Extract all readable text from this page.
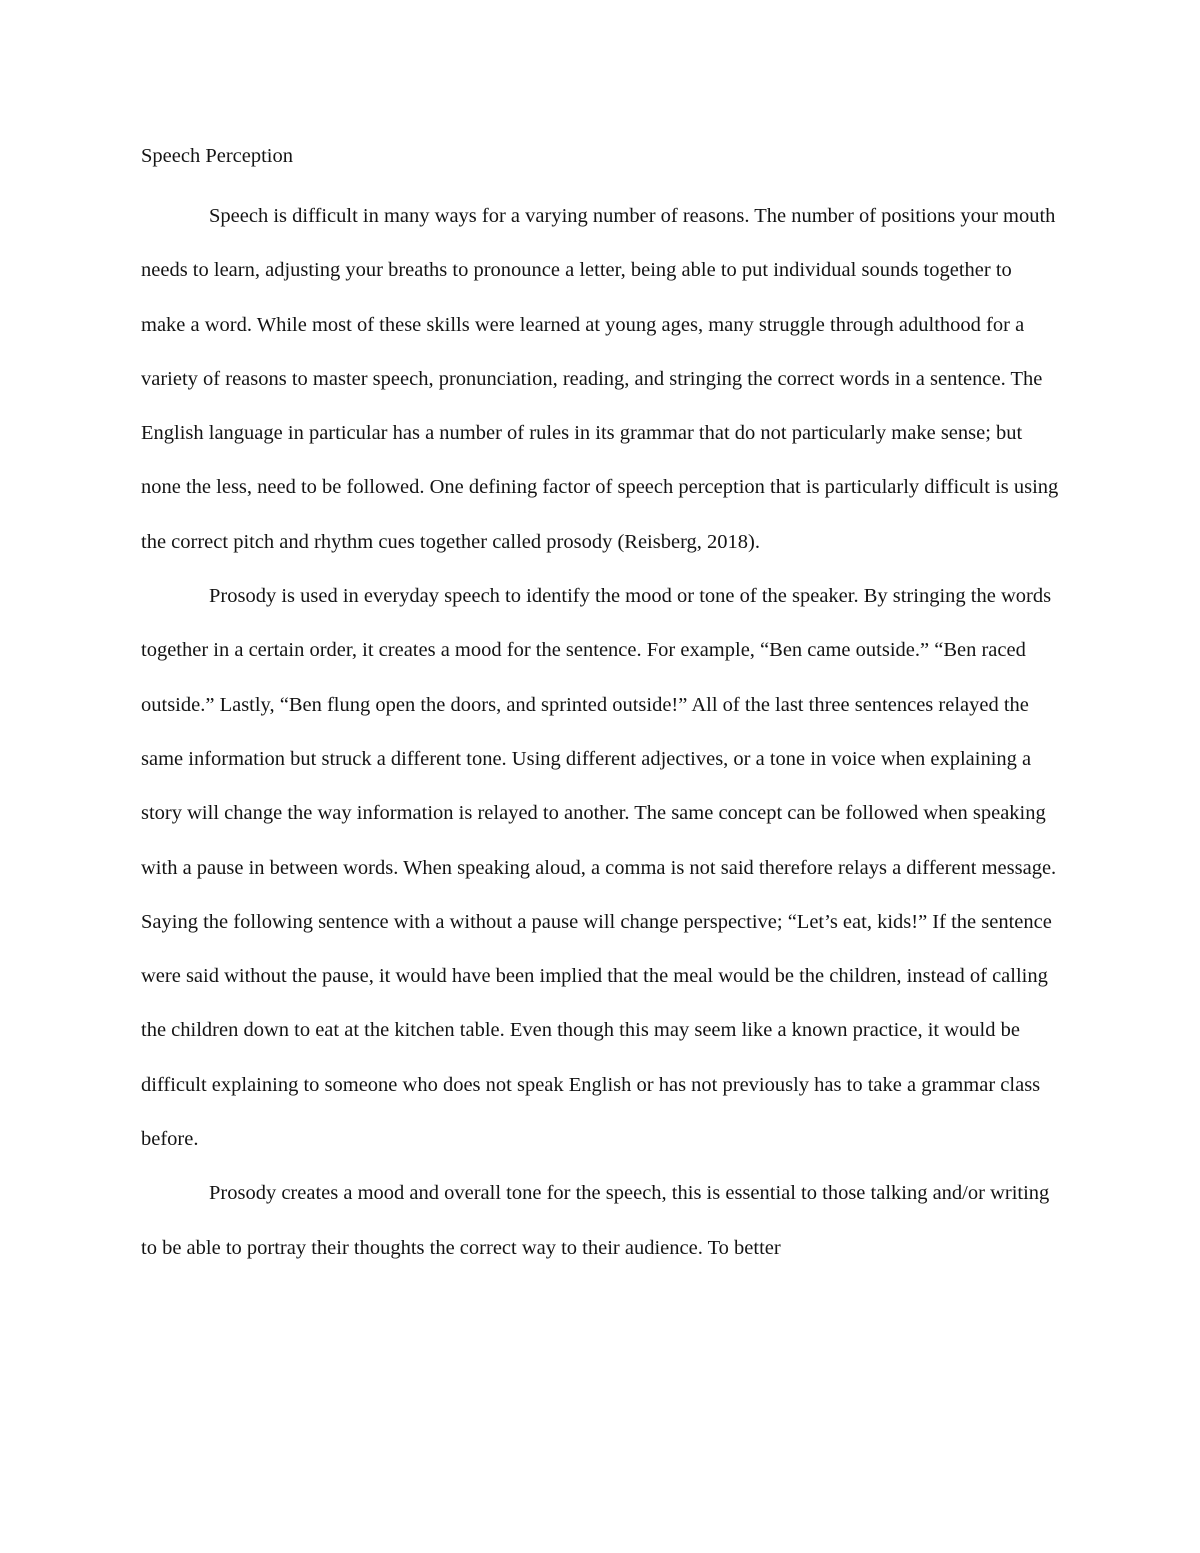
Speech Perception

Speech is difficult in many ways for a varying number of reasons. The number of positions your mouth needs to learn, adjusting your breaths to pronounce a letter, being able to put individual sounds together to make a word. While most of these skills were learned at young ages, many struggle through adulthood for a variety of reasons to master speech, pronunciation, reading, and stringing the correct words in a sentence. The English language in particular has a number of rules in its grammar that do not particularly make sense; but none the less, need to be followed. One defining factor of speech perception that is particularly difficult is using the correct pitch and rhythm cues together called prosody (Reisberg, 2018).

Prosody is used in everyday speech to identify the mood or tone of the speaker. By stringing the words together in a certain order, it creates a mood for the sentence. For example, “Ben came outside.” “Ben raced outside.” Lastly, “Ben flung open the doors, and sprinted outside!” All of the last three sentences relayed the same information but struck a different tone. Using different adjectives, or a tone in voice when explaining a story will change the way information is relayed to another. The same concept can be followed when speaking with a pause in between words. When speaking aloud, a comma is not said therefore relays a different message. Saying the following sentence with a without a pause will change perspective; “Let’s eat, kids!” If the sentence were said without the pause, it would have been implied that the meal would be the children, instead of calling the children down to eat at the kitchen table. Even though this may seem like a known practice, it would be difficult explaining to someone who does not speak English or has not previously has to take a grammar class before.

Prosody creates a mood and overall tone for the speech, this is essential to those talking and/or writing to be able to portray their thoughts the correct way to their audience. To better
